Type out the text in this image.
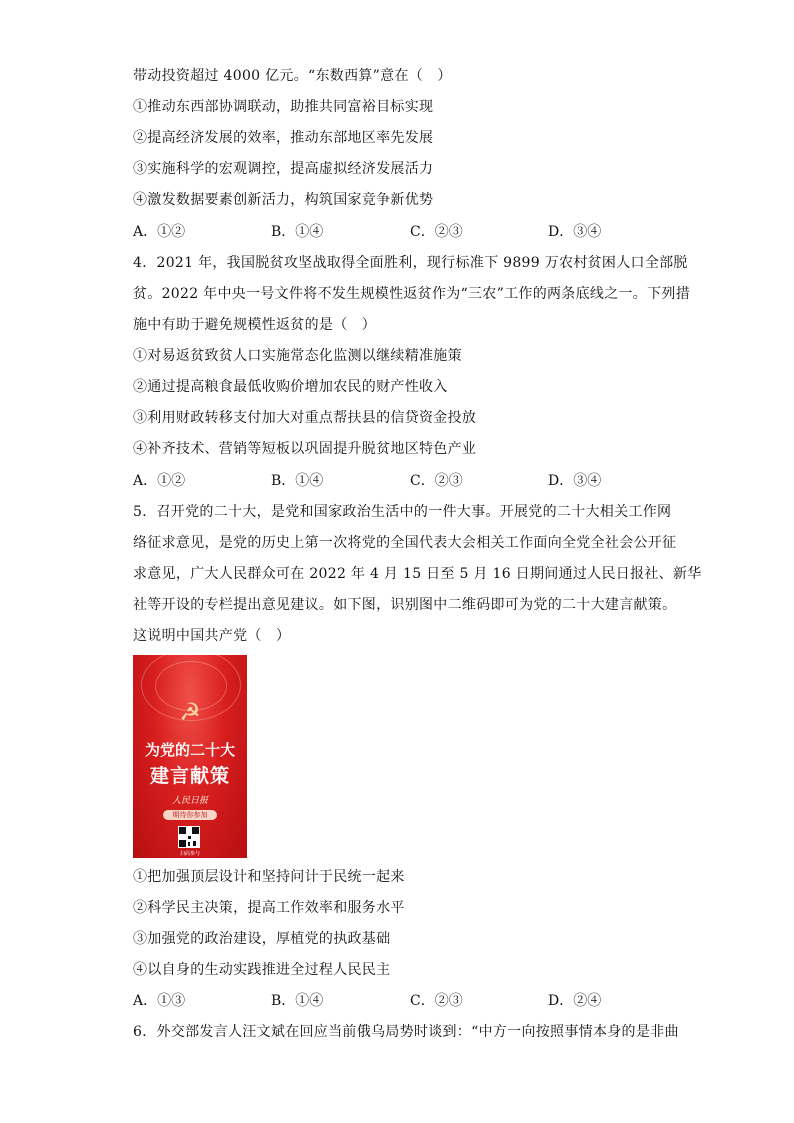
带动投资超过 4000 亿元。“东数西算”意在（　）
①推动东西部协调联动，助推共同富裕目标实现
②提高经济发展的效率，推动东部地区率先发展
③实施科学的宏观调控，提高虚拟经济发展活力
④激发数据要素创新活力，构筑国家竞争新优势
A．①②	B．①④	C．②③	D．③④
4．2021 年，我国脱贫攻坚战取得全面胜利，现行标准下 9899 万农村贫困人口全部脱
贫。2022 年中央一号文件将不发生规模性返贫作为“三农”工作的两条底线之一。下列措
施中有助于避免规模性返贫的是（　）
①对易返贫致贫人口实施常态化监测以继续精准施策
②通过提高粮食最低收购价增加农民的财产性收入
③利用财政转移支付加大对重点帮扶县的信贷资金投放
④补齐技术、营销等短板以巩固提升脱贫地区特色产业
A．①②	B．①④	C．②③	D．③④
5．召开党的二十大，是党和国家政治生活中的一件大事。开展党的二十大相关工作网
络征求意见，是党的历史上第一次将党的全国代表大会相关工作面向全党全社会公开征
求意见，广大人民群众可在 2022 年 4 月 15 日至 5 月 16 日期间通过人民日报社、新华
社等开设的专栏提出意见建议。如下图，识别图中二维码即可为党的二十大建言献策。
这说明中国共产党（　）
☭
为党的二十大
建言献策
人民日报
期待你参加
扫码参与
①把加强顶层设计和坚持问计于民统一起来
②科学民主决策，提高工作效率和服务水平
③加强党的政治建设，厚植党的执政基础
④以自身的生动实践推进全过程人民民主
A．①③	B．①④	C．②③	D．②④
6．外交部发言人汪文斌在回应当前俄乌局势时谈到：“中方一向按照事情本身的是非曲
